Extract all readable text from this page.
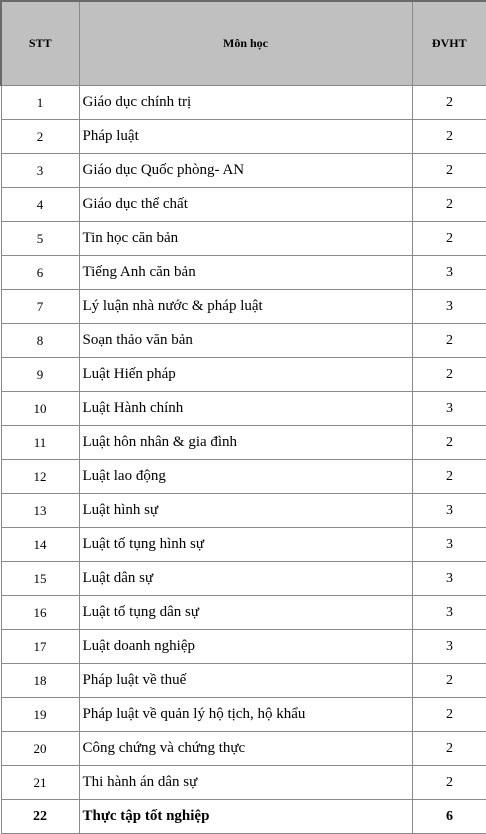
STT	Môn học	ĐVHT
1	Giáo dục chính trị	2
2	Pháp luật	2
3	Giáo dục Quốc phòng- AN	2
4	Giáo dục thể chất	2
5	Tin học căn bản	2
6	Tiếng Anh căn bản	3
7	Lý luận nhà nước & pháp luật	3
8	Soạn thảo văn bản	2
9	Luật Hiến pháp	2
10	Luật Hành chính	3
11	Luật hôn nhân & gia đình	2
12	Luật lao động	2
13	Luật hình sự	3
14	Luật tố tụng hình sự	3
15	Luật dân sự	3
16	Luật tố tụng dân sự	3
17	Luật doanh nghiệp	3
18	Pháp luật về thuế	2
19	Pháp luật về quản lý hộ tịch, hộ khẩu	2
20	Công chứng và chứng thực	2
21	Thi hành án dân sự	2
22	Thực tập tốt nghiệp	6
